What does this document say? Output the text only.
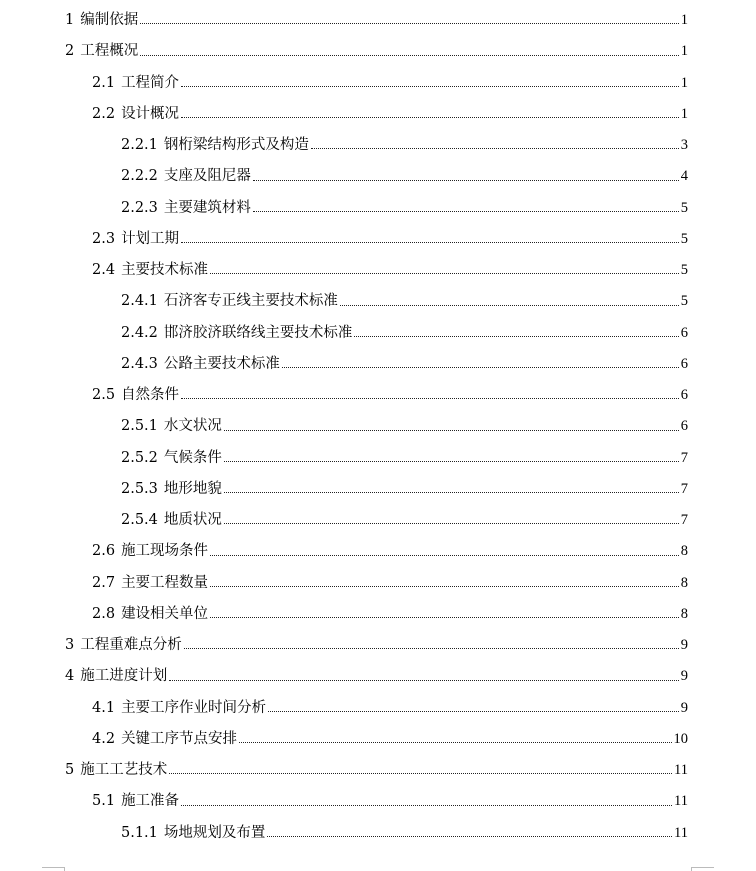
1 编制依据	1
2 工程概况	1
2.1 工程简介	1
2.2 设计概况	1
2.2.1 钢桁梁结构形式及构造	3
2.2.2 支座及阻尼器	4
2.2.3 主要建筑材料	5
2.3 计划工期	5
2.4 主要技术标准	5
2.4.1 石济客专正线主要技术标准	5
2.4.2 邯济胶济联络线主要技术标准	6
2.4.3 公路主要技术标准	6
2.5 自然条件	6
2.5.1 水文状况	6
2.5.2 气候条件	7
2.5.3 地形地貌	7
2.5.4 地质状况	7
2.6 施工现场条件	8
2.7 主要工程数量	8
2.8 建设相关单位	8
3 工程重难点分析	9
4 施工进度计划	9
4.1 主要工序作业时间分析	9
4.2 关键工序节点安排	10
5 施工工艺技术	11
5.1 施工准备	11
5.1.1 场地规划及布置	11
